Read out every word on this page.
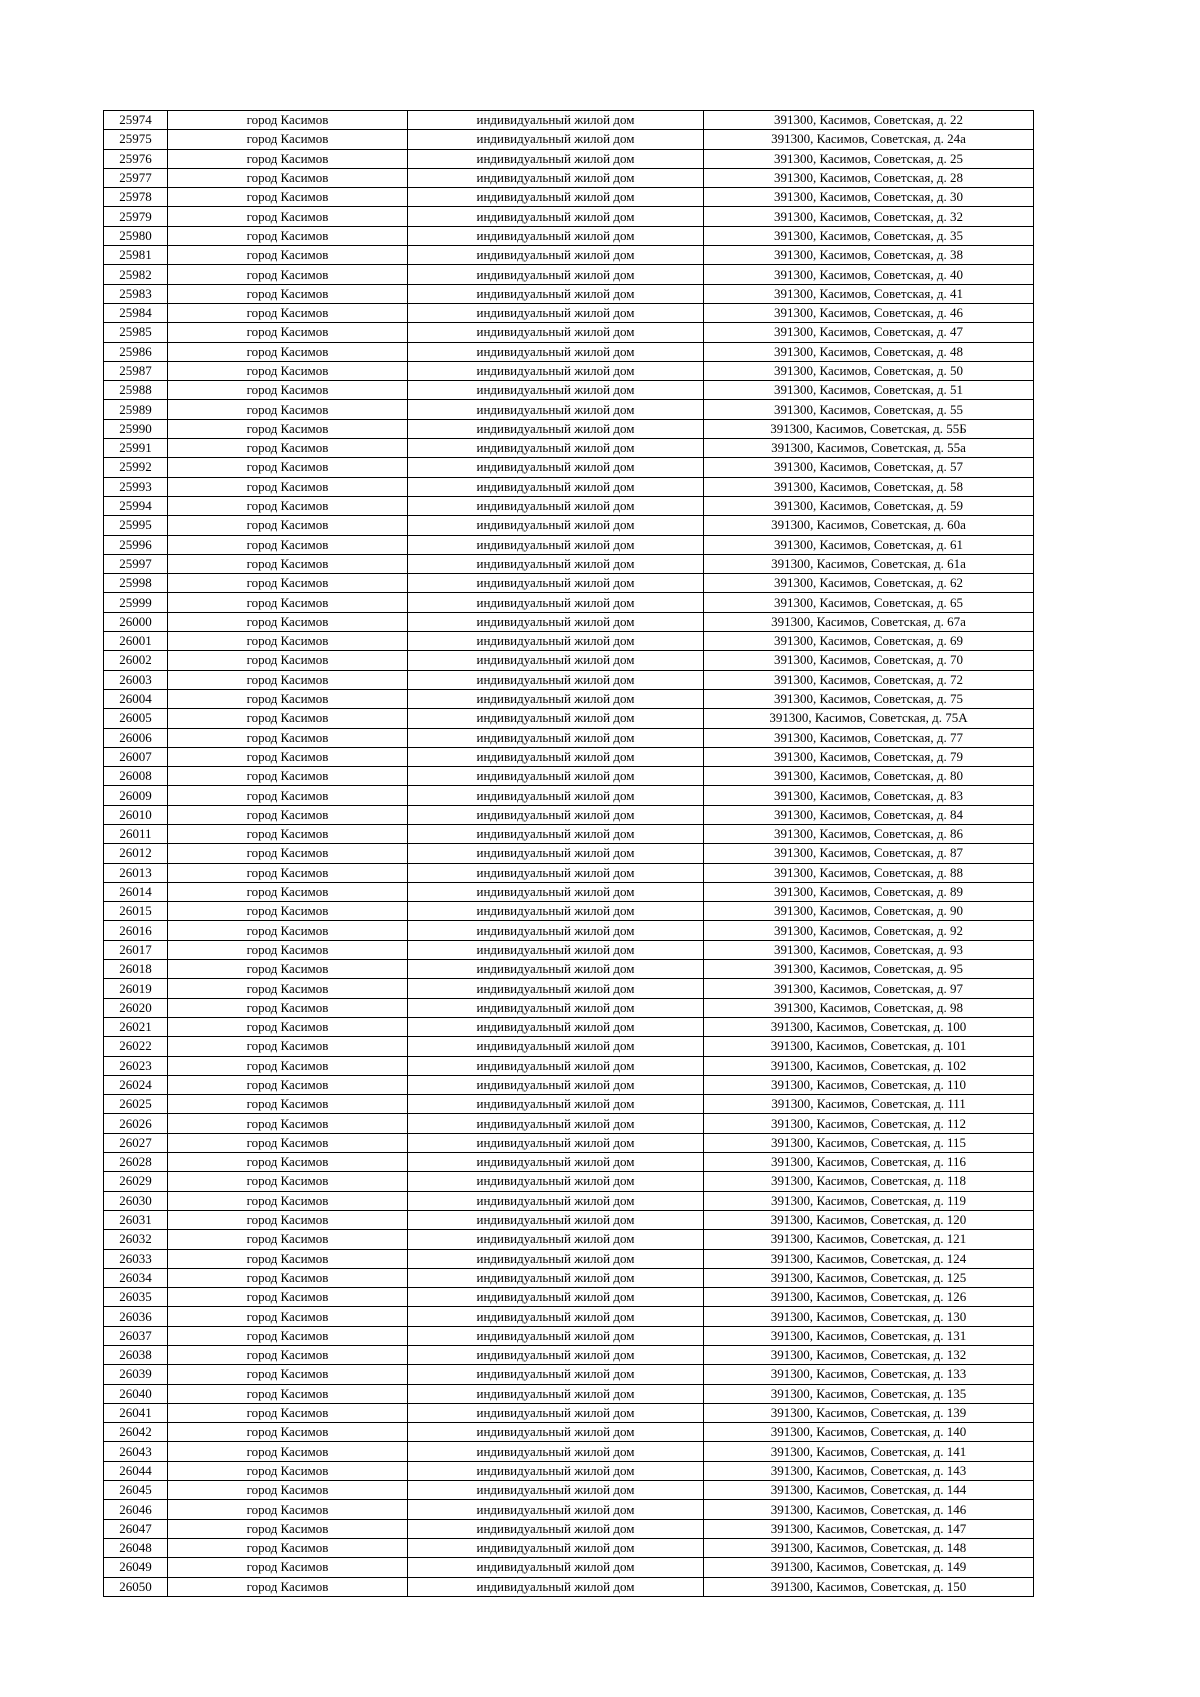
25974	город Касимов	индивидуальный жилой дом	391300, Касимов, Советская, д. 22
25975	город Касимов	индивидуальный жилой дом	391300, Касимов, Советская, д. 24а
25976	город Касимов	индивидуальный жилой дом	391300, Касимов, Советская, д. 25
25977	город Касимов	индивидуальный жилой дом	391300, Касимов, Советская, д. 28
25978	город Касимов	индивидуальный жилой дом	391300, Касимов, Советская, д. 30
25979	город Касимов	индивидуальный жилой дом	391300, Касимов, Советская, д. 32
25980	город Касимов	индивидуальный жилой дом	391300, Касимов, Советская, д. 35
25981	город Касимов	индивидуальный жилой дом	391300, Касимов, Советская, д. 38
25982	город Касимов	индивидуальный жилой дом	391300, Касимов, Советская, д. 40
25983	город Касимов	индивидуальный жилой дом	391300, Касимов, Советская, д. 41
25984	город Касимов	индивидуальный жилой дом	391300, Касимов, Советская, д. 46
25985	город Касимов	индивидуальный жилой дом	391300, Касимов, Советская, д. 47
25986	город Касимов	индивидуальный жилой дом	391300, Касимов, Советская, д. 48
25987	город Касимов	индивидуальный жилой дом	391300, Касимов, Советская, д. 50
25988	город Касимов	индивидуальный жилой дом	391300, Касимов, Советская, д. 51
25989	город Касимов	индивидуальный жилой дом	391300, Касимов, Советская, д. 55
25990	город Касимов	индивидуальный жилой дом	391300, Касимов, Советская, д. 55Б
25991	город Касимов	индивидуальный жилой дом	391300, Касимов, Советская, д. 55а
25992	город Касимов	индивидуальный жилой дом	391300, Касимов, Советская, д. 57
25993	город Касимов	индивидуальный жилой дом	391300, Касимов, Советская, д. 58
25994	город Касимов	индивидуальный жилой дом	391300, Касимов, Советская, д. 59
25995	город Касимов	индивидуальный жилой дом	391300, Касимов, Советская, д. 60а
25996	город Касимов	индивидуальный жилой дом	391300, Касимов, Советская, д. 61
25997	город Касимов	индивидуальный жилой дом	391300, Касимов, Советская, д. 61а
25998	город Касимов	индивидуальный жилой дом	391300, Касимов, Советская, д. 62
25999	город Касимов	индивидуальный жилой дом	391300, Касимов, Советская, д. 65
26000	город Касимов	индивидуальный жилой дом	391300, Касимов, Советская, д. 67а
26001	город Касимов	индивидуальный жилой дом	391300, Касимов, Советская, д. 69
26002	город Касимов	индивидуальный жилой дом	391300, Касимов, Советская, д. 70
26003	город Касимов	индивидуальный жилой дом	391300, Касимов, Советская, д. 72
26004	город Касимов	индивидуальный жилой дом	391300, Касимов, Советская, д. 75
26005	город Касимов	индивидуальный жилой дом	391300, Касимов, Советская, д. 75А
26006	город Касимов	индивидуальный жилой дом	391300, Касимов, Советская, д. 77
26007	город Касимов	индивидуальный жилой дом	391300, Касимов, Советская, д. 79
26008	город Касимов	индивидуальный жилой дом	391300, Касимов, Советская, д. 80
26009	город Касимов	индивидуальный жилой дом	391300, Касимов, Советская, д. 83
26010	город Касимов	индивидуальный жилой дом	391300, Касимов, Советская, д. 84
26011	город Касимов	индивидуальный жилой дом	391300, Касимов, Советская, д. 86
26012	город Касимов	индивидуальный жилой дом	391300, Касимов, Советская, д. 87
26013	город Касимов	индивидуальный жилой дом	391300, Касимов, Советская, д. 88
26014	город Касимов	индивидуальный жилой дом	391300, Касимов, Советская, д. 89
26015	город Касимов	индивидуальный жилой дом	391300, Касимов, Советская, д. 90
26016	город Касимов	индивидуальный жилой дом	391300, Касимов, Советская, д. 92
26017	город Касимов	индивидуальный жилой дом	391300, Касимов, Советская, д. 93
26018	город Касимов	индивидуальный жилой дом	391300, Касимов, Советская, д. 95
26019	город Касимов	индивидуальный жилой дом	391300, Касимов, Советская, д. 97
26020	город Касимов	индивидуальный жилой дом	391300, Касимов, Советская, д. 98
26021	город Касимов	индивидуальный жилой дом	391300, Касимов, Советская, д. 100
26022	город Касимов	индивидуальный жилой дом	391300, Касимов, Советская, д. 101
26023	город Касимов	индивидуальный жилой дом	391300, Касимов, Советская, д. 102
26024	город Касимов	индивидуальный жилой дом	391300, Касимов, Советская, д. 110
26025	город Касимов	индивидуальный жилой дом	391300, Касимов, Советская, д. 111
26026	город Касимов	индивидуальный жилой дом	391300, Касимов, Советская, д. 112
26027	город Касимов	индивидуальный жилой дом	391300, Касимов, Советская, д. 115
26028	город Касимов	индивидуальный жилой дом	391300, Касимов, Советская, д. 116
26029	город Касимов	индивидуальный жилой дом	391300, Касимов, Советская, д. 118
26030	город Касимов	индивидуальный жилой дом	391300, Касимов, Советская, д. 119
26031	город Касимов	индивидуальный жилой дом	391300, Касимов, Советская, д. 120
26032	город Касимов	индивидуальный жилой дом	391300, Касимов, Советская, д. 121
26033	город Касимов	индивидуальный жилой дом	391300, Касимов, Советская, д. 124
26034	город Касимов	индивидуальный жилой дом	391300, Касимов, Советская, д. 125
26035	город Касимов	индивидуальный жилой дом	391300, Касимов, Советская, д. 126
26036	город Касимов	индивидуальный жилой дом	391300, Касимов, Советская, д. 130
26037	город Касимов	индивидуальный жилой дом	391300, Касимов, Советская, д. 131
26038	город Касимов	индивидуальный жилой дом	391300, Касимов, Советская, д. 132
26039	город Касимов	индивидуальный жилой дом	391300, Касимов, Советская, д. 133
26040	город Касимов	индивидуальный жилой дом	391300, Касимов, Советская, д. 135
26041	город Касимов	индивидуальный жилой дом	391300, Касимов, Советская, д. 139
26042	город Касимов	индивидуальный жилой дом	391300, Касимов, Советская, д. 140
26043	город Касимов	индивидуальный жилой дом	391300, Касимов, Советская, д. 141
26044	город Касимов	индивидуальный жилой дом	391300, Касимов, Советская, д. 143
26045	город Касимов	индивидуальный жилой дом	391300, Касимов, Советская, д. 144
26046	город Касимов	индивидуальный жилой дом	391300, Касимов, Советская, д. 146
26047	город Касимов	индивидуальный жилой дом	391300, Касимов, Советская, д. 147
26048	город Касимов	индивидуальный жилой дом	391300, Касимов, Советская, д. 148
26049	город Касимов	индивидуальный жилой дом	391300, Касимов, Советская, д. 149
26050	город Касимов	индивидуальный жилой дом	391300, Касимов, Советская, д. 150
